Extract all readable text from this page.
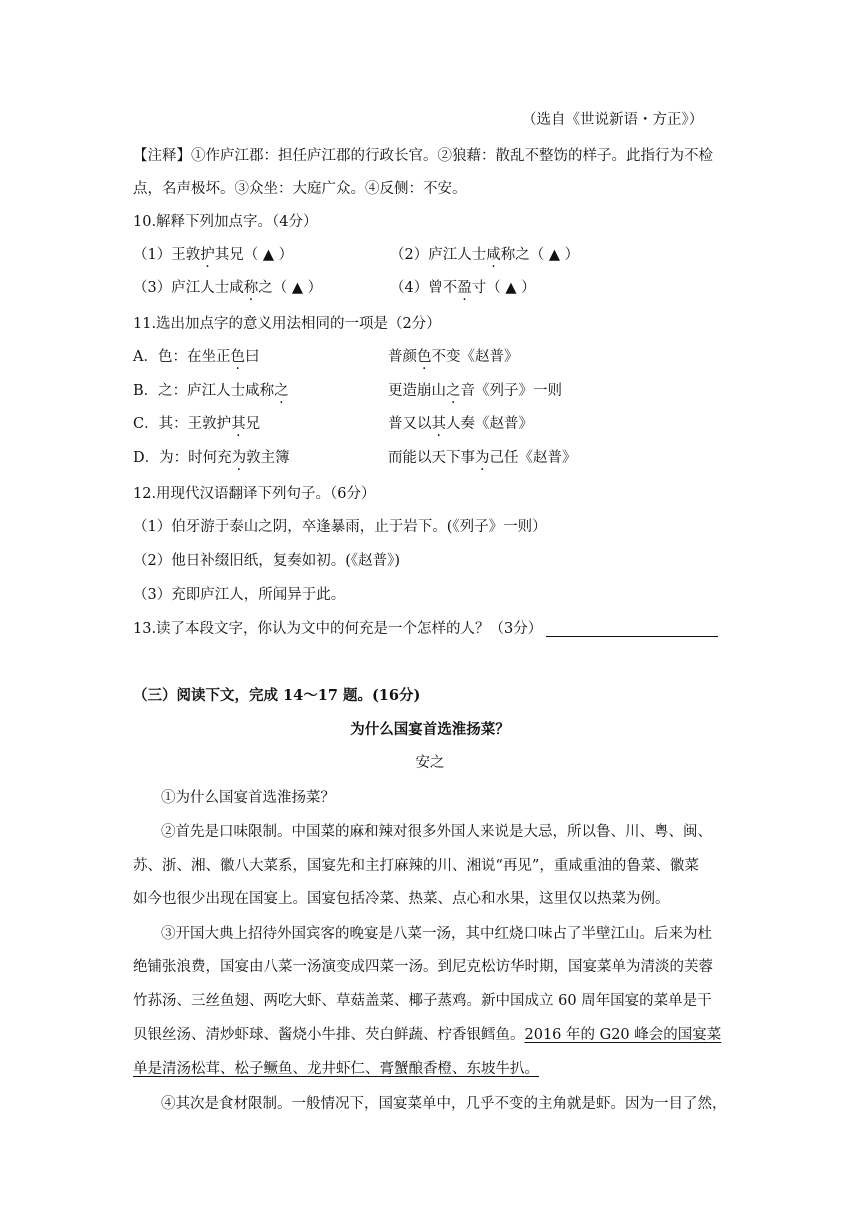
（选自《世说新语・方正》）
【注释】①作庐江郡：担任庐江郡的行政长官。②狼藉：散乱不整饬的样子。此指行为不检
点，名声极坏。③众坐：大庭广众。④反侧：不安。
10.解释下列加点字。（4分）
（1）王敦护其兄（ ▲ ）	（2）庐江人士咸称之（ ▲ ）
（3）庐江人士咸称之（ ▲ ）	（4）曾不盈寸（ ▲ ）
11.选出加点字的意义用法相同的一项是（2分）
A．色：在坐正色曰	普颜色不变《赵普》
B．之：庐江人士咸称之	更造崩山之音《列子》一则
C．其：王敦护其兄	普又以其人奏《赵普》
D．为：时何充为敦主簿	而能以天下事为己任《赵普》
12.用现代汉语翻译下列句子。（6分）
（1）伯牙游于泰山之阴，卒逢暴雨，止于岩下。(《列子》一则）
（2）他日补缀旧纸，复奏如初。(《赵普》)
（3）充即庐江人，所闻异于此。
13.读了本段文字，你认为文中的何充是一个怎样的人？（3分）
（三）阅读下文，完成 14～17 题。(16分)
为什么国宴首选淮扬菜？
安之
①为什么国宴首选淮扬菜？
②首先是口味限制。中国菜的麻和辣对很多外国人来说是大忌，所以鲁、川、粤、闽、
苏、浙、湘、徽八大菜系，国宴先和主打麻辣的川、湘说“再见”，重咸重油的鲁菜、徽菜
如今也很少出现在国宴上。国宴包括冷菜、热菜、点心和水果，这里仅以热菜为例。
③开国大典上招待外国宾客的晚宴是八菜一汤，其中红烧口味占了半壁江山。后来为杜
绝铺张浪费，国宴由八菜一汤演变成四菜一汤。到尼克松访华时期，国宴菜单为清淡的芙蓉
竹荪汤、三丝鱼翅、两吃大虾、草菇盖菜、椰子蒸鸡。新中国成立 60 周年国宴的菜单是干
贝银丝汤、清炒虾球、酱烧小牛排、芡白鲜蔬、柠香银鳕鱼。2016 年的 G20 峰会的国宴菜
单是清汤松茸、松子鳜鱼、龙井虾仁、膏蟹酿香橙、东坡牛扒。
④其次是食材限制。一般情况下，国宴菜单中，几乎不变的主角就是虾。因为一目了然，
